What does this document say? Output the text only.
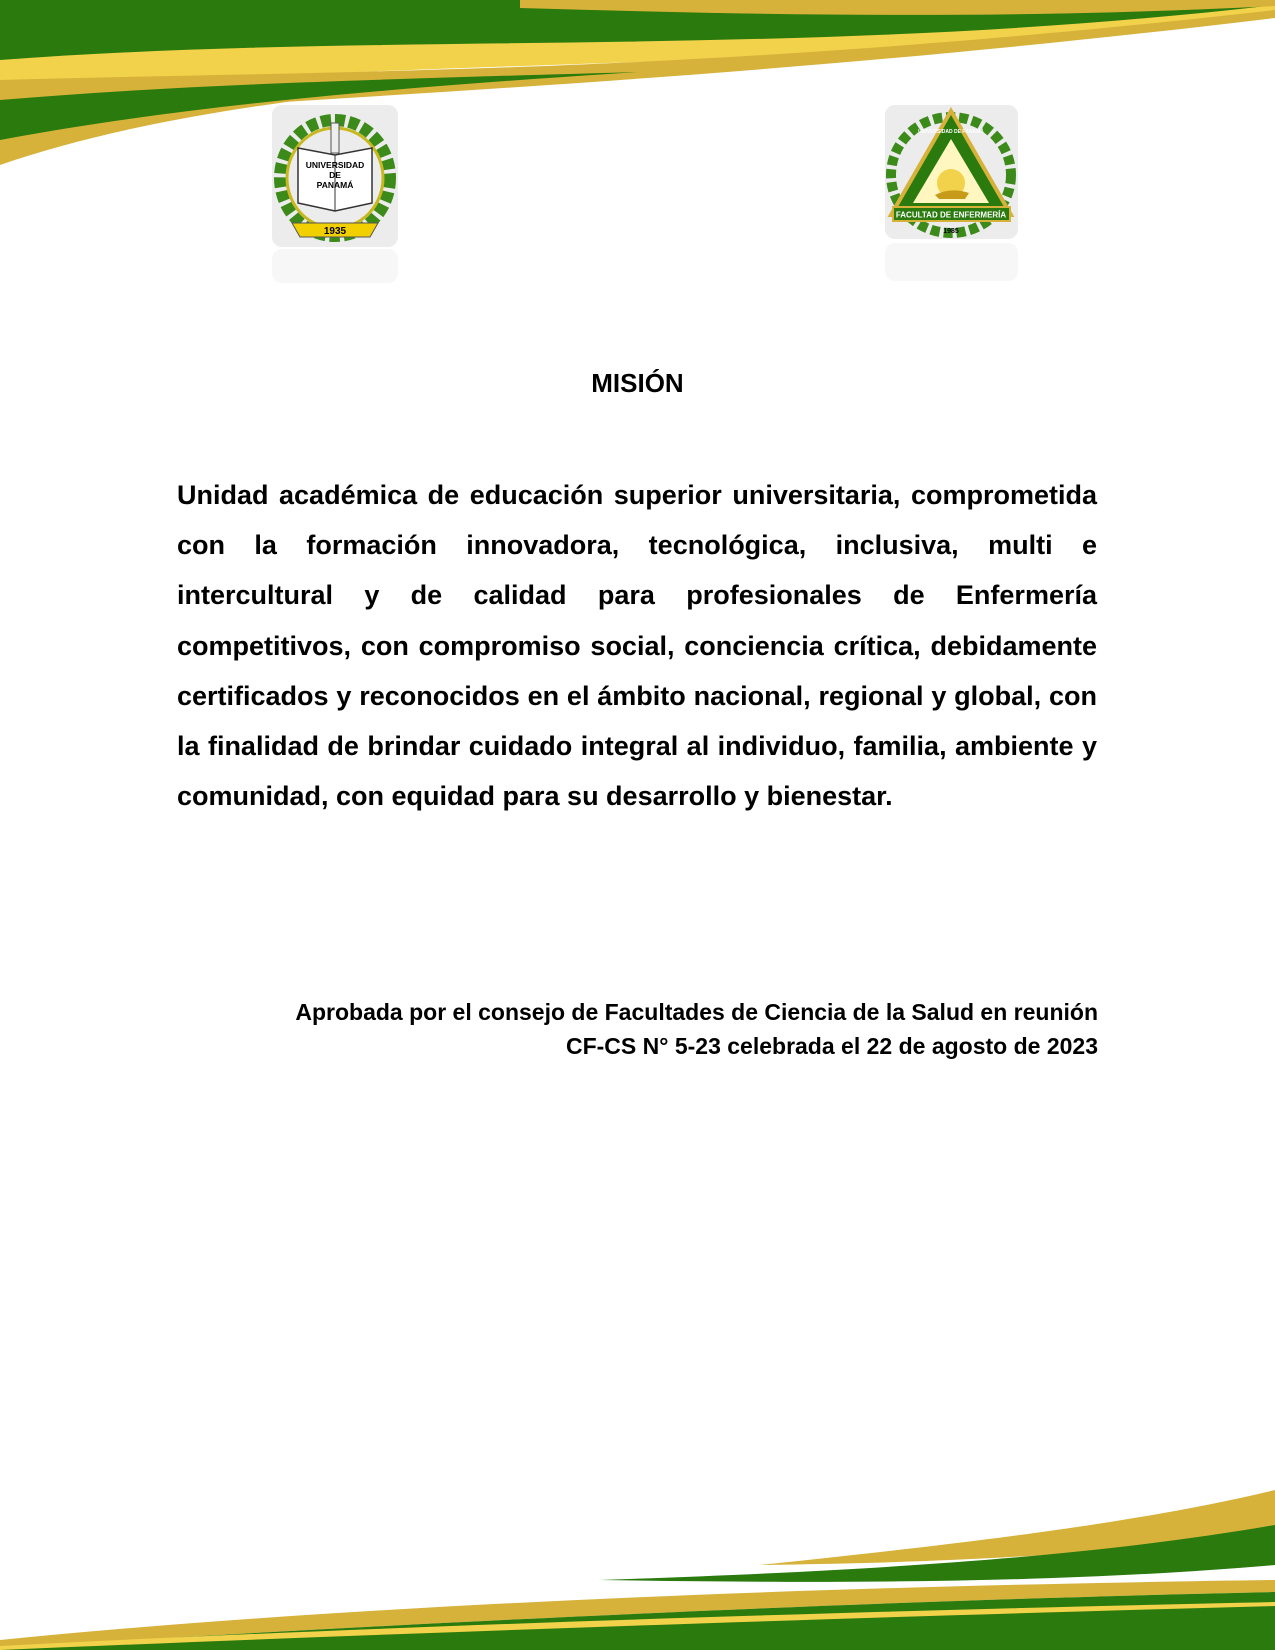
UNIVERSIDAD
DE
PANAMÁ
1935
UNIVERSIDAD DE PANAMÁ
FACULTAD DE ENFERMERÍA
1985
MISIÓN

Unidad académica de educación superior universitaria, comprometida con la formación innovadora, tecnológica, inclusiva, multi e intercultural y de calidad para profesionales de Enfermería competitivos, con compromiso social, conciencia crítica, debidamente certificados y reconocidos en el ámbito nacional, regional y global, con la finalidad de brindar cuidado integral al individuo, familia, ambiente y comunidad, con equidad para su desarrollo y bienestar.

Aprobada por el consejo de Facultades de Ciencia de la Salud en reunión
CF-CS N° 5-23 celebrada el 22 de agosto de 2023
